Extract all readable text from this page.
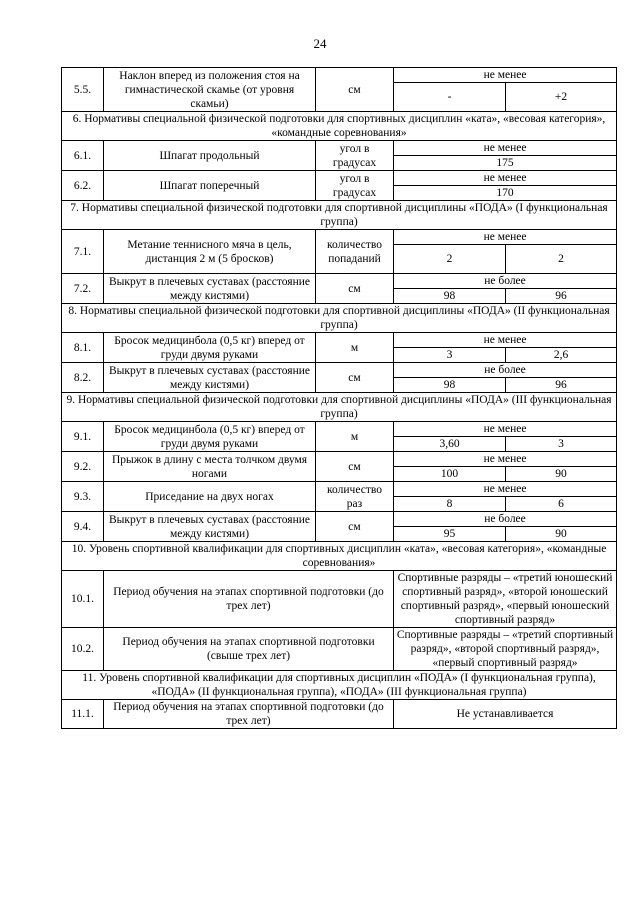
24
5.5.	Наклон вперед из положения стоя на гимнастической скамье (от уровня скамьи)	см	не менее	
			-	+2
6. Нормативы специальной физической подготовки для спортивных дисциплин «ката», «весовая категория», «командные соревнования»				
6.1.	Шпагат продольный	угол в градусах	не менее	
			175	
6.2.	Шпагат поперечный	угол в градусах	не менее	
			170	
7. Нормативы специальной физической подготовки для спортивной дисциплины «ПОДА» (I функциональная группа)				
7.1.	Метание теннисного мяча в цель, дистанция 2 м (5 бросков)	количество попаданий	не менее	
			2	2
7.2.	Выкрут в плечевых суставах (расстояние между кистями)	см	не более	
			98	96
8. Нормативы специальной физической подготовки для спортивной дисциплины «ПОДА» (II функциональная группа)				
8.1.	Бросок медицинбола (0,5 кг) вперед от груди двумя руками	м	не менее	
			3	2,6
8.2.	Выкрут в плечевых суставах (расстояние между кистями)	см	не более	
			98	96
9. Нормативы специальной физической подготовки для спортивной дисциплины «ПОДА» (III функциональная группа)				
9.1.	Бросок медицинбола (0,5 кг) вперед от груди двумя руками	м	не менее	
			3,60	3
9.2.	Прыжок в длину с места толчком двумя ногами	см	не менее	
			100	90
9.3.	Приседание на двух ногах	количество раз	не менее	
			8	6
9.4.	Выкрут в плечевых суставах (расстояние между кистями)	см	не более	
			95	90
10. Уровень спортивной квалификации для спортивных дисциплин «ката», «весовая категория», «командные соревнования»				
10.1.	Период обучения на этапах спортивной подготовки (до трех лет)		Спортивные разряды – «третий юношеский спортивный разряд», «второй юношеский спортивный разряд», «первый юношеский спортивный разряд»	
10.2.	Период обучения на этапах спортивной подготовки (свыше трех лет)		Спортивные разряды – «третий спортивный разряд», «второй спортивный разряд», «первый спортивный разряд»	
11. Уровень спортивной квалификации для спортивных дисциплин «ПОДА» (I функциональная группа), «ПОДА» (II функциональная группа), «ПОДА» (III функциональная группа)				
11.1.	Период обучения на этапах спортивной подготовки (до трех лет)		Не устанавливается	
